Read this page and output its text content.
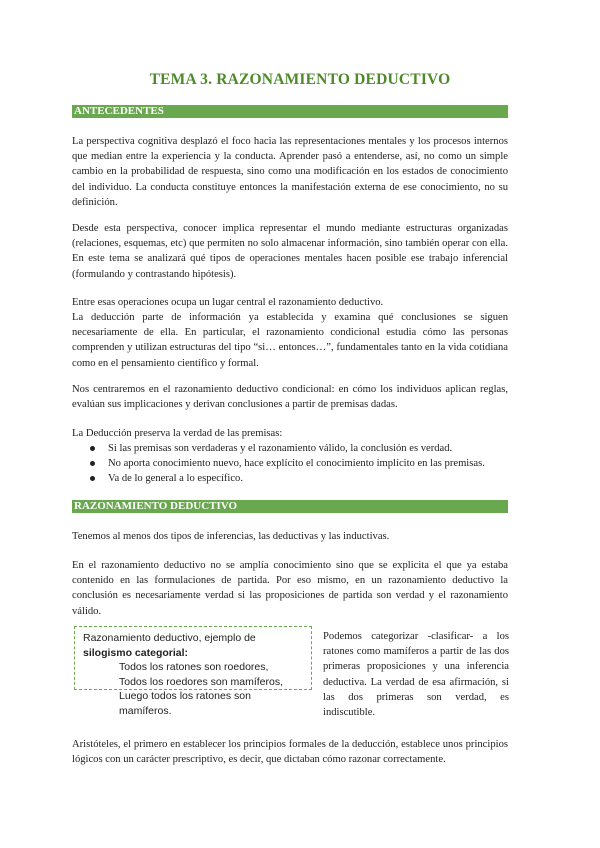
TEMA 3. RAZONAMIENTO DEDUCTIVO
ANTECEDENTES

La perspectiva cognitiva desplazó el foco hacia las representaciones mentales y los procesos internos que median entre la experiencia y la conducta. Aprender pasó a entenderse, así, no como un simple cambio en la probabilidad de respuesta, sino como una modificación en los estados de conocimiento del individuo. La conducta constituye entonces la manifestación externa de ese conocimiento, no su definición.

Desde esta perspectiva, conocer implica representar el mundo mediante estructuras organizadas (relaciones, esquemas, etc) que permiten no solo almacenar información, sino también operar con ella. En este tema se analizará qué tipos de operaciones mentales hacen posible ese trabajo inferencial (formulando y contrastando hipótesis).

Entre esas operaciones ocupa un lugar central el razonamiento deductivo.

La deducción parte de información ya establecida y examina qué conclusiones se siguen necesariamente de ella. En particular, el razonamiento condicional estudia cómo las personas comprenden y utilizan estructuras del tipo “si… entonces…”, fundamentales tanto en la vida cotidiana como en el pensamiento científico y formal.

Nos centraremos en el razonamiento deductivo condicional: en cómo los individuos aplican reglas, evalúan sus implicaciones y derivan conclusiones a partir de premisas dadas.

La Deducción preserva la verdad de las premisas:

Si las premisas son verdaderas y el razonamiento válido, la conclusión es verdad.
No aporta conocimiento nuevo, hace explícito el conocimiento implícito en las premisas.
Va de lo general a lo específico.
RAZONAMIENTO DEDUCTIVO

Tenemos al menos dos tipos de inferencias, las deductivas y las inductivas.

En el razonamiento deductivo no se amplía conocimiento sino que se explicita el que ya estaba contenido en las formulaciones de partida. Por eso mismo, en un razonamiento deductivo la conclusión es necesariamente verdad si las proposiciones de partida son verdad y el razonamiento válido.

Razonamiento deductivo, ejemplo de silogismo categorial:
Todos los ratones son roedores,
Todos los roedores son mamíferos,
Luego todos los ratones son mamíferos.

Podemos categorizar -clasificar- a los ratones como mamíferos a partir de las dos primeras proposiciones y una inferencia deductiva. La verdad de esa afirmación, si las dos primeras son verdad, es indiscutible.

Aristóteles, el primero en establecer los principios formales de la deducción, establece unos principios lógicos con un carácter prescriptivo, es decir, que dictaban cómo razonar correctamente.
